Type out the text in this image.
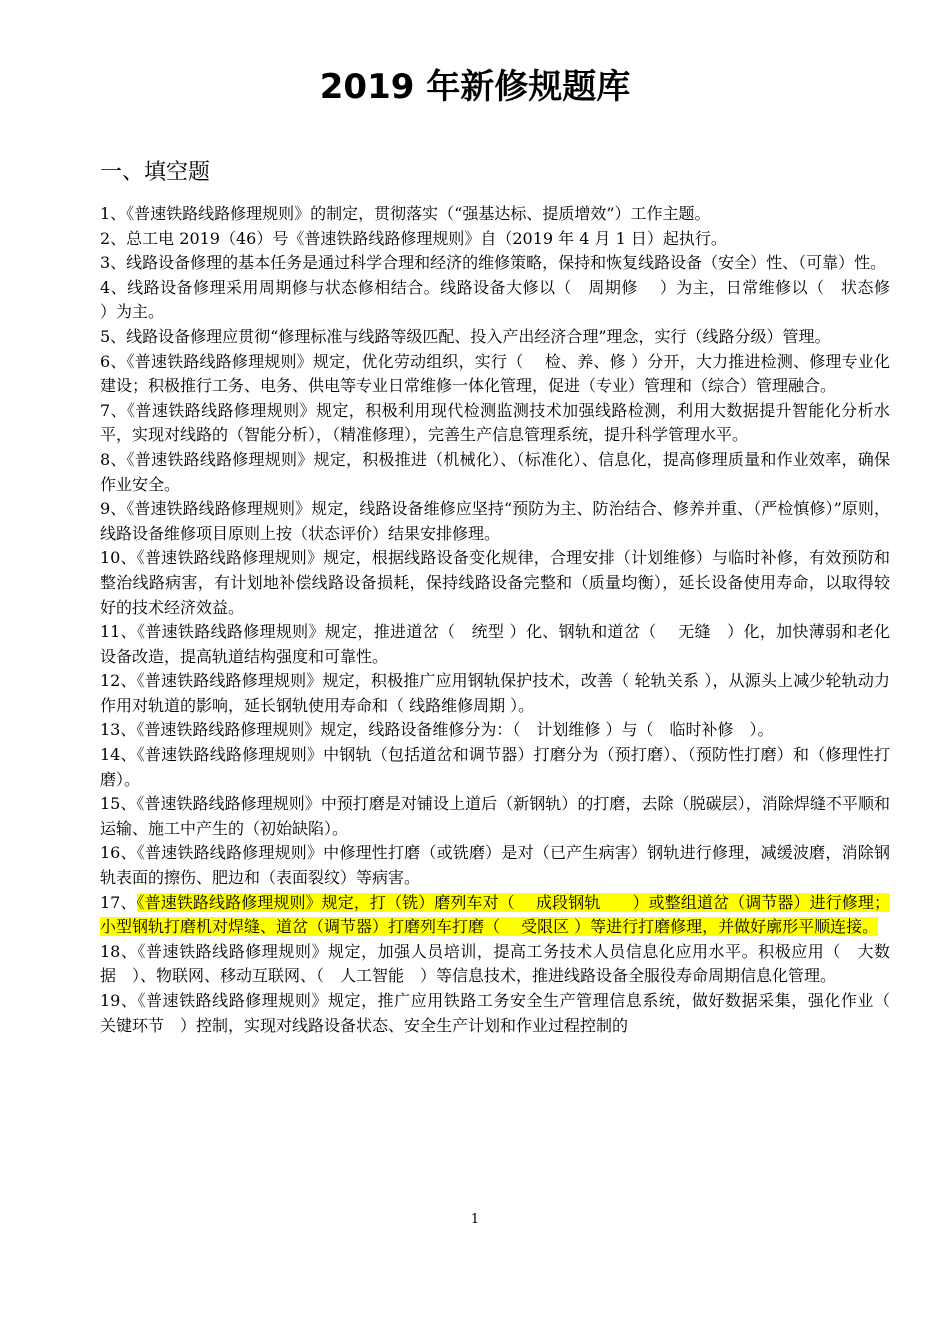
2019 年新修规题库
一、填空题

1、《普速铁路线路修理规则》的制定，贯彻落实（“强基达标、提质增效”）工作主题。

2、总工电 2019（46）号《普速铁路线路修理规则》自（2019 年 4 月 1 日）起执行。

3、线路设备修理的基本任务是通过科学合理和经济的维修策略，保持和恢复线路设备（安全）性、（可靠）性。

4、线路设备修理采用周期修与状态修相结合。线路设备大修以（　周期修　 ）为主，日常维修以（　状态修　 ）为主。

5、线路设备修理应贯彻“修理标准与线路等级匹配、投入产出经济合理”理念，实行（线路分级）管理。

6、《普速铁路线路修理规则》规定，优化劳动组织，实行（　 检、养、修 ）分开，大力推进检测、修理专业化建设；积极推行工务、电务、供电等专业日常维修一体化管理，促进（专业）管理和（综合）管理融合。

7、《普速铁路线路修理规则》规定，积极利用现代检测监测技术加强线路检测，利用大数据提升智能化分析水平，实现对线路的（智能分析），（精准修理），完善生产信息管理系统，提升科学管理水平。

8、《普速铁路线路修理规则》规定，积极推进（机械化）、（标准化）、信息化，提高修理质量和作业效率，确保作业安全。

9、《普速铁路线路修理规则》规定，线路设备维修应坚持“预防为主、防治结合、修养并重、（严检慎修）”原则，线路设备维修项目原则上按（状态评价）结果安排修理。

10、《普速铁路线路修理规则》规定，根据线路设备变化规律，合理安排（计划维修）与临时补修，有效预防和整治线路病害，有计划地补偿线路设备损耗，保持线路设备完整和（质量均衡），延长设备使用寿命，以取得较好的技术经济效益。

11、《普速铁路线路修理规则》规定，推进道岔（　统型 ）化、钢轨和道岔（　 无缝　）化，加快薄弱和老化设备改造，提高轨道结构强度和可靠性。

12、《普速铁路线路修理规则》规定，积极推广应用钢轨保护技术，改善（ 轮轨关系 ），从源头上减少轮轨动力作用对轨道的影响，延长钢轨使用寿命和（ 线路维修周期 ）。

13、《普速铁路线路修理规则》规定，线路设备维修分为：（　计划维修 ）与（　临时补修　）。

14、《普速铁路线路修理规则》中钢轨（包括道岔和调节器）打磨分为（预打磨）、（预防性打磨）和（修理性打磨）。

15、《普速铁路线路修理规则》中预打磨是对铺设上道后（新钢轨）的打磨，去除（脱碳层），消除焊缝不平顺和运输、施工中产生的（初始缺陷）。

16、《普速铁路线路修理规则》中修理性打磨（或铣磨）是对（已产生病害）钢轨进行修理，减缓波磨，消除钢轨表面的擦伤、肥边和（表面裂纹）等病害。

17、《普速铁路线路修理规则》规定，打（铣）磨列车对（　 成段钢轨　　）或整组道岔（调节器）进行修理；小型钢轨打磨机对焊缝、道岔（调节器）打磨列车打磨（　 受限区 ）等进行打磨修理，并做好廓形平顺连接。

18、《普速铁路线路修理规则》规定，加强人员培训，提高工务技术人员信息化应用水平。积极应用（　大数据　）、物联网、移动互联网、（　人工智能　）等信息技术，推进线路设备全服役寿命周期信息化管理。

19、《普速铁路线路修理规则》规定，推广应用铁路工务安全生产管理信息系统，做好数据采集，强化作业（　关键环节　）控制，实现对线路设备状态、安全生产计划和作业过程控制的

1
